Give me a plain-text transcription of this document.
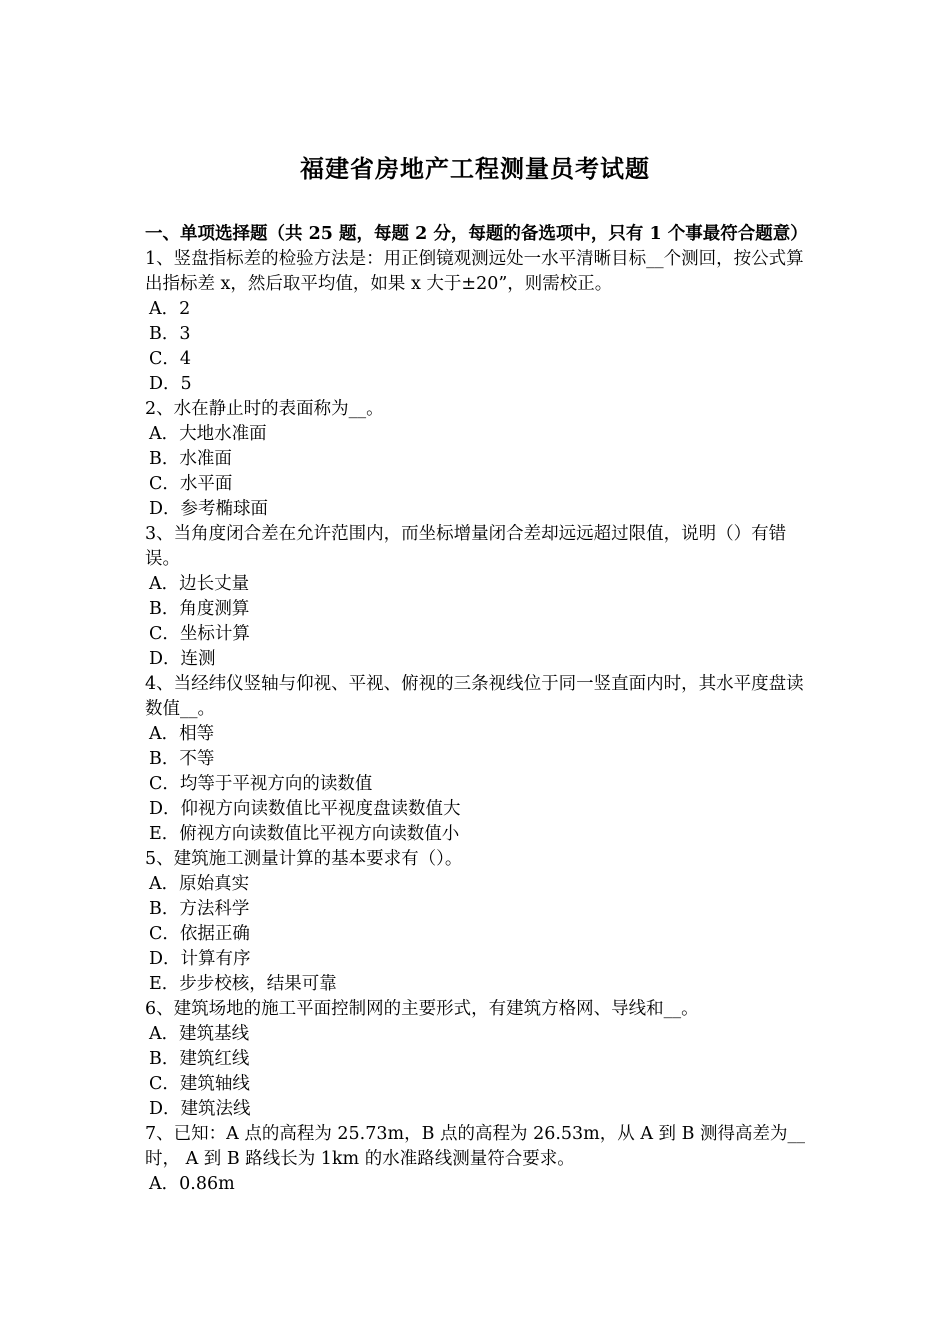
福建省房地产工程测量员考试题
一、单项选择题（共 25 题，每题 2 分，每题的备选项中，只有 1 个事最符合题意）
1、竖盘指标差的检验方法是：用正倒镜观测远处一水平清晰目标__个测回，按公式算出指标差 x，然后取平均值，如果 x 大于±20”，则需校正。
A．2
B．3
C．4
D．5
2、水在静止时的表面称为__。
A．大地水准面
B．水准面
C．水平面
D．参考椭球面
3、当角度闭合差在允许范围内，而坐标增量闭合差却远远超过限值，说明（）有错误。
A．边长丈量
B．角度测算
C．坐标计算
D．连测
4、当经纬仪竖轴与仰视、平视、俯视的三条视线位于同一竖直面内时，其水平度盘读数值__。
A．相等
B．不等
C．均等于平视方向的读数值
D．仰视方向读数值比平视度盘读数值大
E．俯视方向读数值比平视方向读数值小
5、建筑施工测量计算的基本要求有（）。
A．原始真实
B．方法科学
C．依据正确
D．计算有序
E．步步校核，结果可靠
6、建筑场地的施工平面控制网的主要形式，有建筑方格网、导线和__。
A．建筑基线
B．建筑红线
C．建筑轴线
D．建筑法线
7、已知：A 点的高程为 25.73m，B 点的高程为 26.53m，从 A 到 B 测得高差为__时， A 到 B 路线长为 1km 的水准路线测量符合要求。
A．0.86m
